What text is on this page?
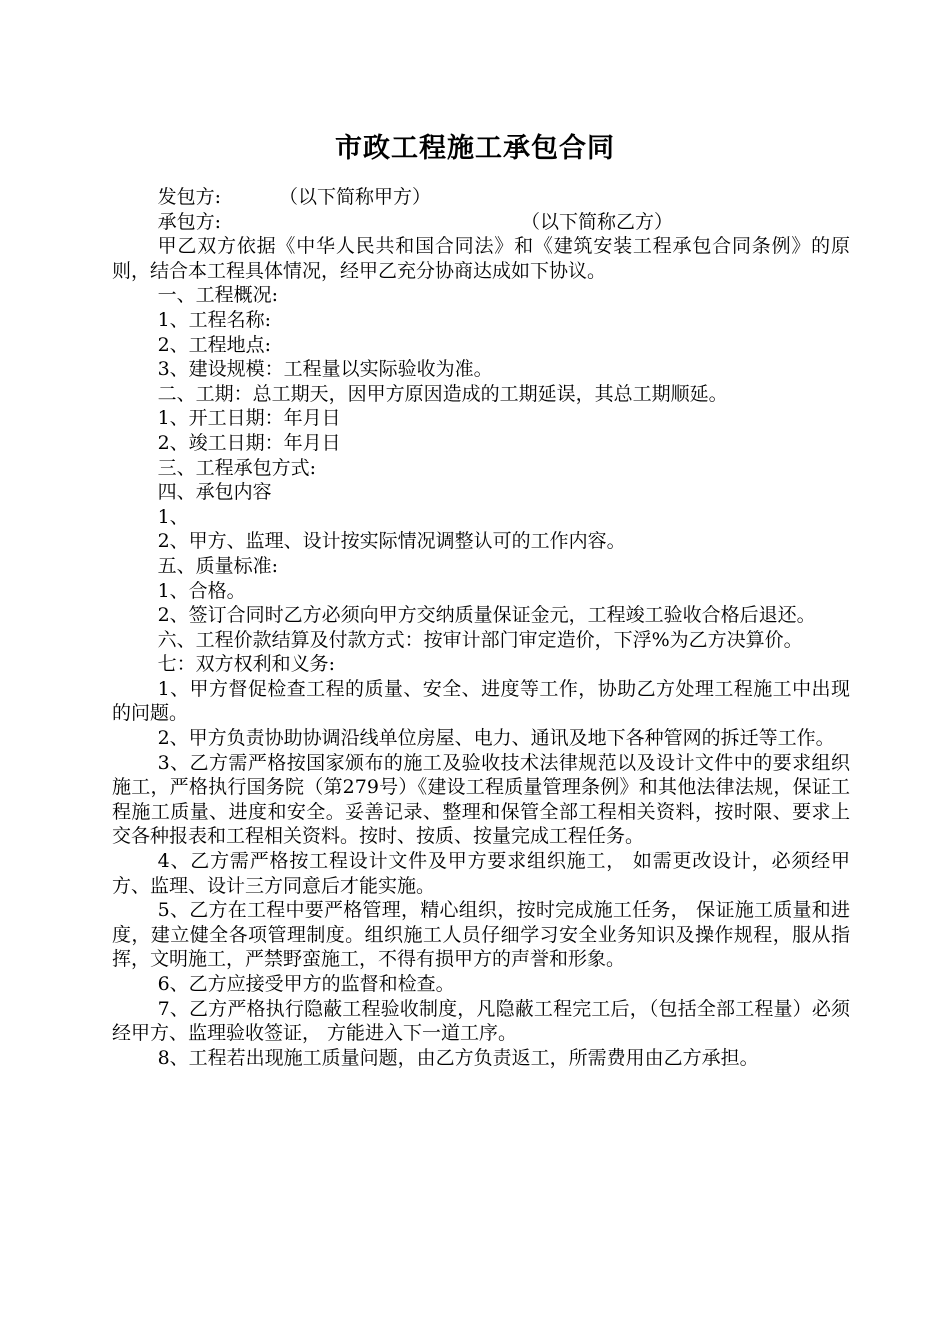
市政工程施工承包合同

发包方:	（以下简称甲方）

承包方:	（以下简称乙方）

甲乙双方依据《中华人民共和国合同法》和《建筑安装工程承包合同条例》的原则，结合本工程具体情况，经甲乙充分协商达成如下协议。

一、工程概况:

1、工程名称:

2、工程地点:

3、建设规模：工程量以实际验收为准。

二、工期：总工期天，因甲方原因造成的工期延误，其总工期顺延。

1、开工日期：年月日

2、竣工日期：年月日

三、工程承包方式:

四、承包内容

1、

2、甲方、监理、设计按实际情况调整认可的工作内容。

五、质量标准:

1、合格。

2、签订合同时乙方必须向甲方交纳质量保证金元，工程竣工验收合格后退还。

六、工程价款结算及付款方式：按审计部门审定造价，下浮%为乙方决算价。

七：双方权利和义务:

1、甲方督促检查工程的质量、安全、进度等工作，协助乙方处理工程施工中出现的问题。

2、甲方负责协助协调沿线单位房屋、电力、通讯及地下各种管网的拆迁等工作。

3、乙方需严格按国家颁布的施工及验收技术法律规范以及设计文件中的要求组织施工，严格执行国务院（第279号）《建设工程质量管理条例》和其他法律法规，保证工程施工质量、进度和安全。妥善记录、整理和保管全部工程相关资料，按时限、要求上交各种报表和工程相关资料。按时、按质、按量完成工程任务。

4、乙方需严格按工程设计文件及甲方要求组织施工， 如需更改设计，必须经甲方、监理、设计三方同意后才能实施。

5、乙方在工程中要严格管理，精心组织，按时完成施工任务， 保证施工质量和进度，建立健全各项管理制度。组织施工人员仔细学习安全业务知识及操作规程，服从指挥，文明施工，严禁野蛮施工，不得有损甲方的声誉和形象。

6、乙方应接受甲方的监督和检查。

7、乙方严格执行隐蔽工程验收制度，凡隐蔽工程完工后，（包括全部工程量）必须经甲方、监理验收签证， 方能进入下一道工序。

8、工程若出现施工质量问题，由乙方负责返工，所需费用由乙方承担。
